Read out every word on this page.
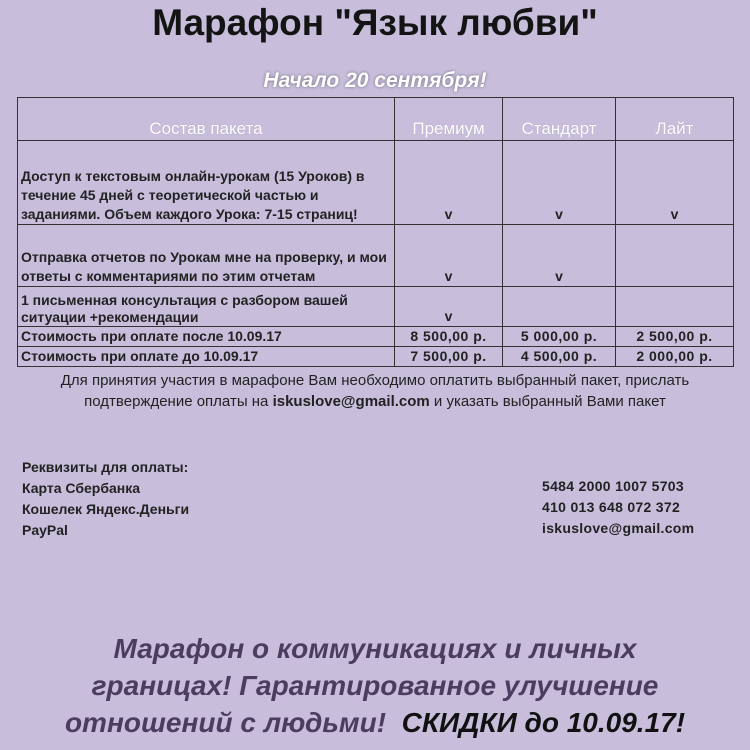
Марафон "Язык любви"
Начало 20 сентября!
Состав пакета	Премиум	Стандарт	Лайт
Доступ к текстовым онлайн-урокам (15 Уроков) в течение 45 дней с теоретической частью и заданиями. Объем каждого Урока: 7-15 страниц!	v	v	v
Отправка отчетов по Урокам мне на проверку, и мои ответы с комментариями по этим отчетам	v	v	
1 письменная консультация с разбором вашей ситуации +рекомендации	v		
Стоимость при оплате после 10.09.17	8 500,00 р.	5 000,00 р.	2 500,00 р.
Стоимость при оплате до 10.09.17	7 500,00 р.	4 500,00 р.	2 000,00 р.
Для принятия участия в марафоне Вам необходимо оплатить выбранный пакет, прислать подтверждение оплаты на iskuslove@gmail.com и указать выбранный Вами пакет
Реквизиты для оплаты:
Карта Сбербанка
Кошелек Яндекс.Деньги
PayPal
5484 2000 1007 5703
410 013 648 072 372
iskuslove@gmail.com
Марафон о коммуникациях и личных
границах! Гарантированное улучшение
отношений с людьми! СКИДКИ до 10.09.17!
